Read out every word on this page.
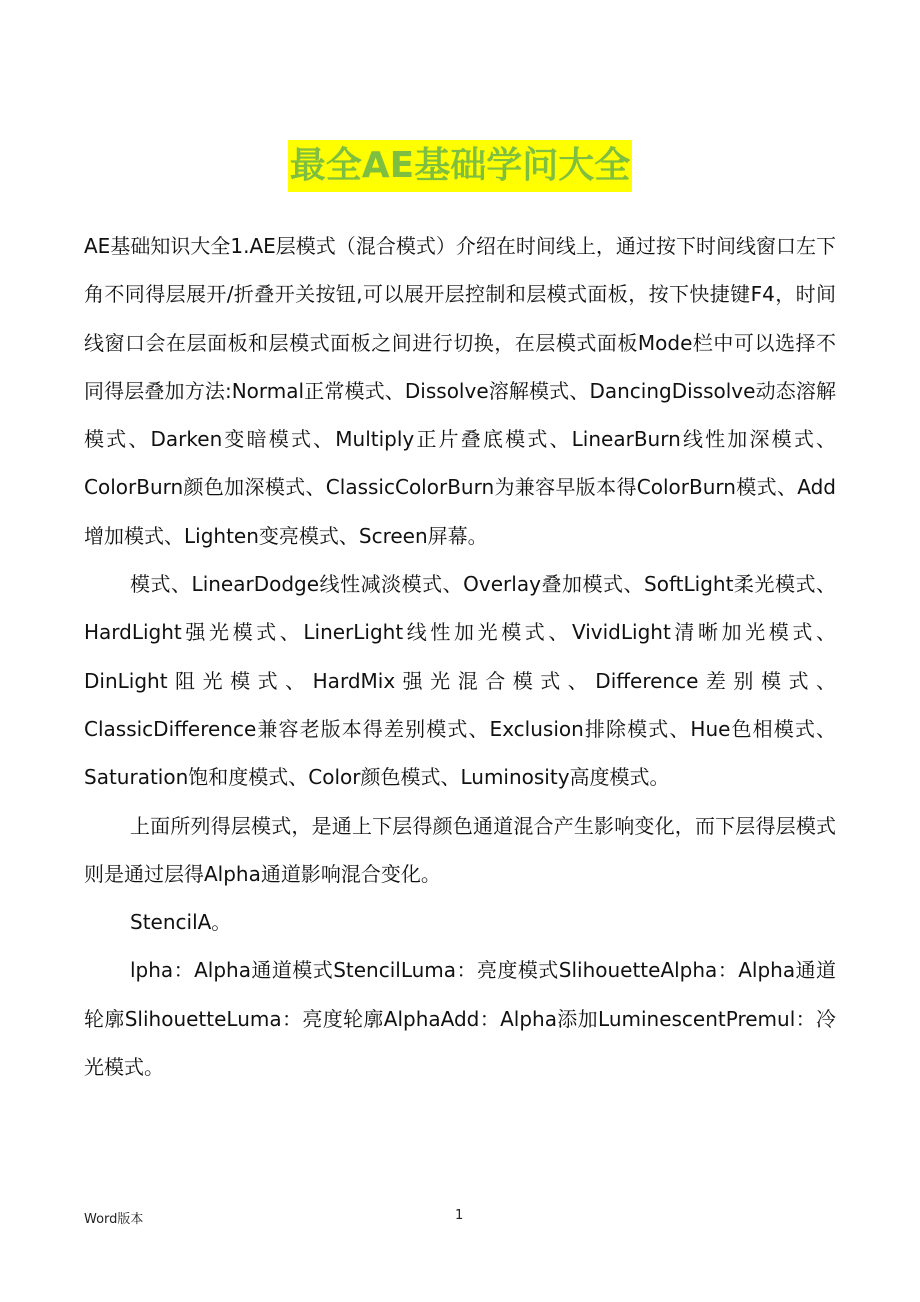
最全AE基础学问大全

AE基础知识大全1.AE层模式（混合模式）介绍在时间线上，通过按下时间线窗口左下角不同得层展开/折叠开关按钮,可以展开层控制和层模式面板，按下快捷键F4，时间线窗口会在层面板和层模式面板之间进行切换，在层模式面板Mode栏中可以选择不同得层叠加方法:Normal正常模式、Dissolve溶解模式、DancingDissolve动态溶解模式、Darken变暗模式、Multiply正片叠底模式、LinearBurn线性加深模式、ColorBurn颜色加深模式、ClassicColorBurn为兼容早版本得ColorBurn模式、Add增加模式、Lighten变亮模式、Screen屏幕。

模式、LinearDodge线性减淡模式、Overlay叠加模式、SoftLight柔光模式、HardLight强光模式、LinerLight线性加光模式、VividLight清晰加光模式、DinLight阻光模式、HardMix强光混合模式、Difference差别模式、ClassicDifference兼容老版本得差别模式、Exclusion排除模式、Hue色相模式、Saturation饱和度模式、Color颜色模式、Luminosity高度模式。

上面所列得层模式，是通上下层得颜色通道混合产生影响变化，而下层得层模式则是通过层得Alpha通道影响混合变化。

StencilA。

lpha：Alpha通道模式StencilLuma：亮度模式SlihouetteAlpha：Alpha通道轮廓SlihouetteLuma：亮度轮廓AlphaAdd：Alpha添加LuminescentPremul：冷光模式。

Word版本	1
